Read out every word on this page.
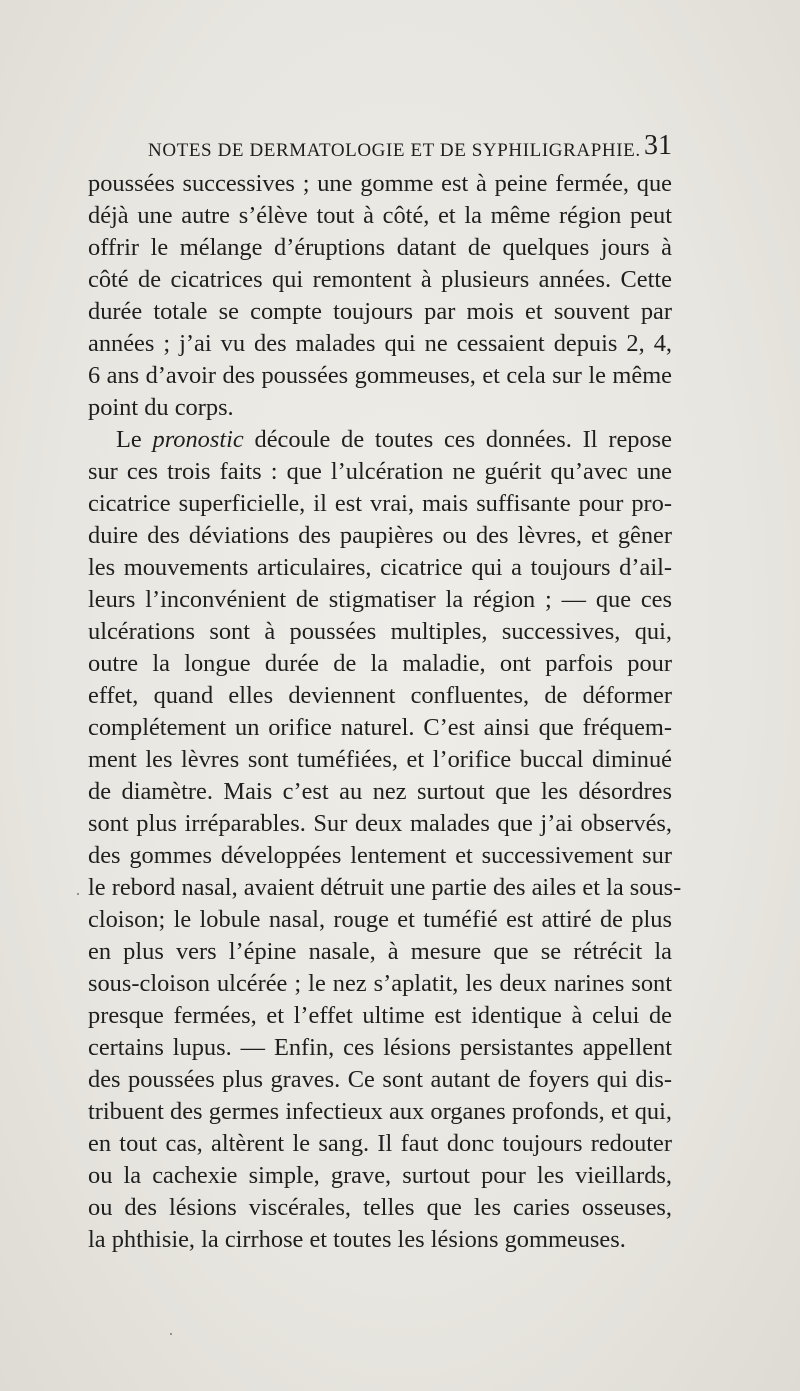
NOTES DE DERMATOLOGIE ET DE SYPHILIGRAPHIE. 31
poussées successives ; une gomme est à peine fermée, que
déjà une autre s’élève tout à côté, et la même région peut
offrir le mélange d’éruptions datant de quelques jours à
côté de cicatrices qui remontent à plusieurs années. Cette
durée totale se compte toujours par mois et souvent par
années ; j’ai vu des malades qui ne cessaient depuis 2, 4,
6 ans d’avoir des poussées gommeuses, et cela sur le même
point du corps.
Le pronostic découle de toutes ces données. Il repose
sur ces trois faits : que l’ulcération ne guérit qu’avec une
cicatrice superficielle, il est vrai, mais suffisante pour pro-
duire des déviations des paupières ou des lèvres, et gêner
les mouvements articulaires, cicatrice qui a toujours d’ail-
leurs l’inconvénient de stigmatiser la région ; — que ces
ulcérations sont à poussées multiples, successives, qui,
outre la longue durée de la maladie, ont parfois pour
effet, quand elles deviennent confluentes, de déformer
complétement un orifice naturel. C’est ainsi que fréquem-
ment les lèvres sont tuméfiées, et l’orifice buccal diminué
de diamètre. Mais c’est au nez surtout que les désordres
sont plus irréparables. Sur deux malades que j’ai observés,
des gommes développées lentement et successivement sur
le rebord nasal, avaient détruit une partie des ailes et la sous-
cloison; le lobule nasal, rouge et tuméfié est attiré de plus
en plus vers l’épine nasale, à mesure que se rétrécit la
sous-cloison ulcérée ; le nez s’aplatit, les deux narines sont
presque fermées, et l’effet ultime est identique à celui de
certains lupus. — Enfin, ces lésions persistantes appellent
des poussées plus graves. Ce sont autant de foyers qui dis-
tribuent des germes infectieux aux organes profonds, et qui,
en tout cas, altèrent le sang. Il faut donc toujours redouter
ou la cachexie simple, grave, surtout pour les vieillards,
ou des lésions viscérales, telles que les caries osseuses,
la phthisie, la cirrhose et toutes les lésions gommeuses.
